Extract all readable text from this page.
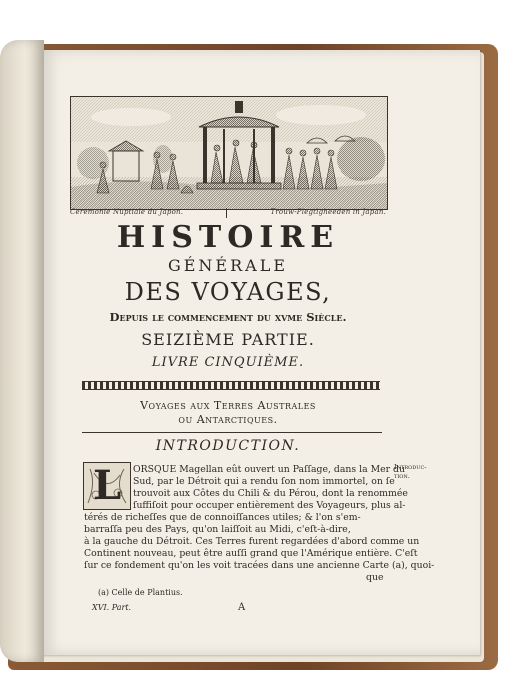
Ceremonie Nuptiale du Japon.	Trouw-Plegtigheeden in Japan.
HISTOIRE
GÉNÉRALE
DES VOYAGES,
Depuis le commencement du xvme Siècle.
SEIZIÈME PARTIE.
LIVRE CINQUIÈME.
Voyages aux Terres Australes
ou Antarctiques.
INTRODUCTION.
L ORSQUE Magellan eût ouvert un Paſſage, dans la Mer du
Sud, par le Détroit qui a rendu ſon nom immortel, on ſe
trouvoit aux Côtes du Chili & du Pérou, dont la renommée
ſuffiſoit pour occuper entièrement des Voyageurs, plus al-
térés de richeſſes que de connoiſſances utiles; & l'on s'em-
barraſſa peu des Pays, qu'on laiſſoit au Midi, c'eſt-à-dire,
à la gauche du Détroit. Ces Terres furent regardées d'abord comme un
Continent nouveau, peut être auſſi grand que l'Amérique entière. C'eſt
ſur ce fondement qu'on les voit tracées dans une ancienne Carte (a), quoi-
que
Introduc-
tion.
(a) Celle de Plantius.
XVI. Part.	A
